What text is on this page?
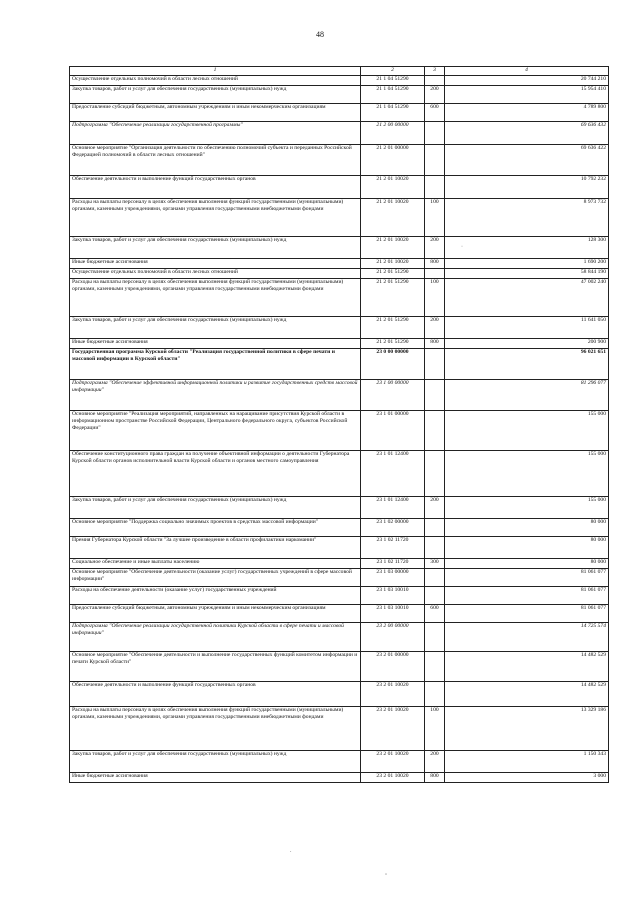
48
1	2	3	4
Осуществление отдельных полномочий в области лесных отношений	21 1 04 51290		20 744 210
Закупка товаров, работ и услуг для обеспечения государственных (муниципальных) нужд	21 1 04 51290	200	15 954 410
Предоставление субсидий бюджетным, автономным учреждениям и иным некоммерческим организациям	21 1 04 51290	600	4 789 800
Подпрограмма "Обеспечение реализации государственной программы"	21 2 00 00000		69 636 432
Основное мероприятие "Организация деятельности по обеспечению полномочий субъекта и переданных Российской Федерацией полномочий в области лесных отношений"	21 2 01 00000		69 636 422
Обеспечение деятельности и выполнение функций государственных органов	21 2 01 10020		10 792 232
Расходы на выплаты персоналу в целях обеспечения выполнения функций государственными (муниципальными) органами, казенными учреждениями, органами управления государственными внебюджетными фондами	21 2 01 10020	100	8 973 732
Закупка товаров, работ и услуг для обеспечения государственных (муниципальных) нужд	21 2 01 10020	200	128 300
Иные бюджетные ассигнования	21 2 01 10020	800	1 690 200
Осуществление отдельных полномочий в области лесных отношений	21 2 01 51290		58 844 190
Расходы на выплаты персоналу в целях обеспечения выполнения функций государственными (муниципальными) органами, казенными учреждениями, органами управления государственными внебюджетными фондами	21 2 01 51290	100	47 002 240
Закупка товаров, работ и услуг для обеспечения государственных (муниципальных) нужд	21 2 01 51290	200	11 641 050
Иные бюджетные ассигнования	21 2 01 51290	800	200 900
Государственная программа Курской области "Реализация государственной политики в сфере печати и массовой информации в Курской области"	23 0 00 00000		96 021 651
Подпрограмма "Обеспечение эффективной информационной политики и развитие государственных средств массовой информации"	23 1 00 00000		81 296 077
Основное мероприятие "Реализация мероприятий, направленных на наращивание присутствия Курской области в информационном пространстве Российской Федерации, Центрального федерального округа, субъектов Российской Федерации"	23 1 01 00000		155 000
Обеспечение конституционного права граждан на получение объективной информации о деятельности Губернатора Курской области органов исполнительной власти Курской области и органов местного самоуправления	23 1 01 12400		155 000
Закупка товаров, работ и услуг для обеспечения государственных (муниципальных) нужд	23 1 01 12400	200	155 000
Основное мероприятие "Поддержка социально значимых проектов в средствах массовой информации"	23 1 02 00000		80 000
Премия Губернатора Курской области "За лучшее произведение в области профилактики наркомании"	23 1 02 11720		80 000
Социальное обеспечение и иные выплаты населению	23 1 02 11720	300	80 000
Основное мероприятие "Обеспечение деятельности (оказание услуг) государственных учреждений в сфере массовой информации"	23 1 03 00000		81 061 077
Расходы на обеспечение деятельности (оказание услуг) государственных учреждений	23 1 03 10010		81 061 077
Предоставление субсидий бюджетным, автономным учреждениям и иным некоммерческим организациям	23 1 03 10010	600	81 061 077
Подпрограмма "Обеспечение реализации государственной политики Курской области в сфере печати и массовой информации"	23 2 00 00000		14 725 574
Основное мероприятие "Обеспечение деятельности и выполнение государственных функций комитетом информации и печати Курской области"	23 2 01 00000		14 482 529
Обеспечение деятельности и выполнение функций государственных органов	23 2 01 10020		14 482 529
Расходы на выплаты персоналу в целях обеспечения выполнения функций государственными (муниципальными) органами, казенными учреждениями, органами управления государственными внебюджетными фондами	23 2 01 10020	100	13 329 186
Закупка товаров, работ и услуг для обеспечения государственных (муниципальных) нужд	23 2 01 10020	200	1 150 343
Иные бюджетные ассигнования	23 2 01 10020	800	3 000
·
.
ˇ
